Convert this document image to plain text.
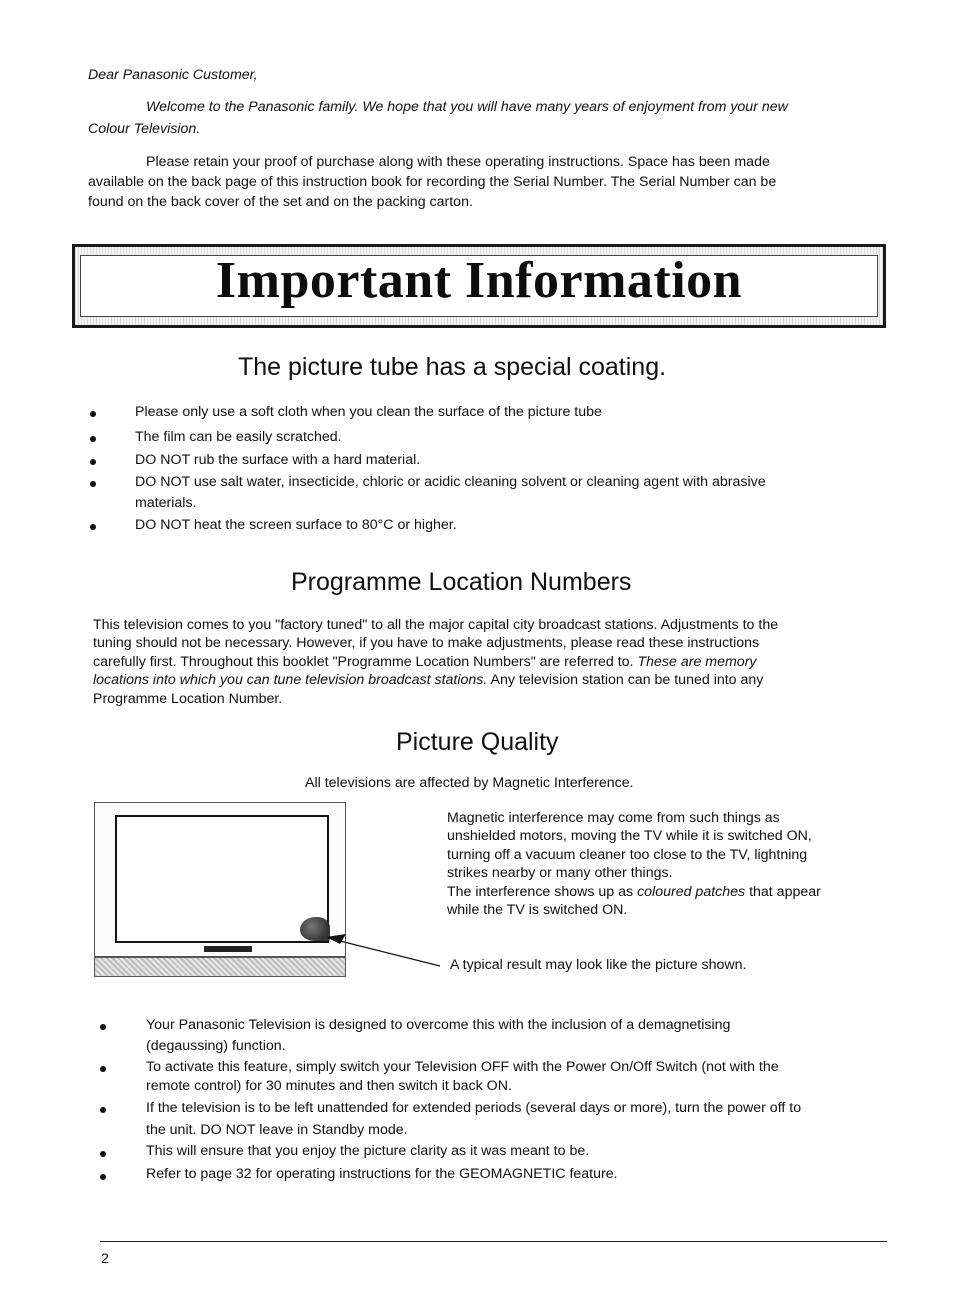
Dear Panasonic Customer,

Welcome to the Panasonic family. We hope that you will have many years of enjoyment from your new

Colour Television.

Please retain your proof of purchase along with these operating instructions. Space has been made

available on the back page of this instruction book for recording the Serial Number. The Serial Number can be

found on the back cover of the set and on the packing carton.

Important Information
The picture tube has a special coating.

Please only use a soft cloth when you clean the surface of the picture tube

The film can be easily scratched.

DO NOT rub the surface with a hard material.

DO NOT use salt water, insecticide, chloric or acidic cleaning solvent or cleaning agent with abrasive

materials.

DO NOT heat the screen surface to 80°C or higher.

Programme Location Numbers

This television comes to you "factory tuned" to all the major capital city broadcast stations. Adjustments to the

tuning should not be necessary. However, if you have to make adjustments, please read these instructions

carefully first. Throughout this booklet "Programme Location Numbers" are referred to. These are memory

locations into which you can tune television broadcast stations. Any television station can be tuned into any

Programme Location Number.

Picture Quality

All televisions are affected by Magnetic Interference.

Magnetic interference may come from such things as

unshielded motors, moving the TV while it is switched ON,

turning off a vacuum cleaner too close to the TV, lightning

strikes nearby or many other things.

The interference shows up as coloured patches that appear

while the TV is switched ON.

A typical result may look like the picture shown.

Your Panasonic Television is designed to overcome this with the inclusion of a demagnetising

(degaussing) function.

To activate this feature, simply switch your Television OFF with the Power On/Off Switch (not with the

remote control) for 30 minutes and then switch it back ON.

If the television is to be left unattended for extended periods (several days or more), turn the power off to

the unit. DO NOT leave in Standby mode.

This will ensure that you enjoy the picture clarity as it was meant to be.

Refer to page 32 for operating instructions for the GEOMAGNETIC feature.

2
